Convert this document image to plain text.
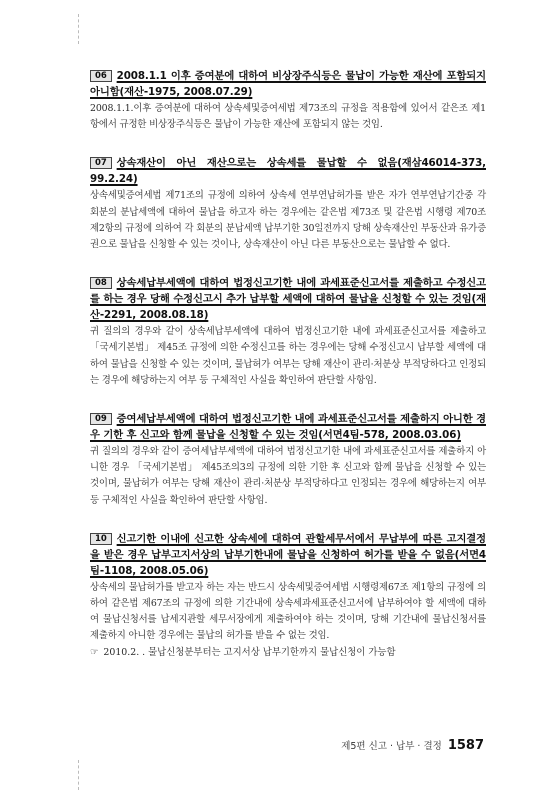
06 2008.1.1 이후 증여분에 대하여 비상장주식등은 물납이 가능한 재산에 포함되지 아니함(재산-1975, 2008.07.29)
2008.1.1.이후 증여분에 대하여 상속세및증여세법 제73조의 규정을 적용함에 있어서 같은조 제1항에서 규정한 비상장주식등은 물납이 가능한 재산에 포함되지 않는 것임.
07 상속재산이 아닌 재산으로는 상속세를 물납할 수 없음(재삼46014-373, 99.2.24)
상속세및증여세법 제71조의 규정에 의하여 상속세 연부연납허가를 받은 자가 연부연납기간중 각 회분의 분납세액에 대하여 물납을 하고자 하는 경우에는 같은법 제73조 및 같은법 시행령 제70조 제2항의 규정에 의하여 각 회분의 분납세액 납부기한 30일전까지 당해 상속재산인 부동산과 유가증권으로 물납을 신청할 수 있는 것이나, 상속재산이 아닌 다른 부동산으로는 물납할 수 없다.
08 상속세납부세액에 대하여 법정신고기한 내에 과세표준신고서를 제출하고 수정신고를 하는 경우 당해 수정신고시 추가 납부할 세액에 대하여 물납을 신청할 수 있는 것임(재산-2291, 2008.08.18)
귀 질의의 경우와 같이 상속세납부세액에 대하여 법정신고기한 내에 과세표준신고서를 제출하고 「국세기본법」 제45조 규정에 의한 수정신고를 하는 경우에는 당해 수정신고시 납부할 세액에 대하여 물납을 신청할 수 있는 것이며, 물납허가 여부는 당해 재산이 관리·처분상 부적당하다고 인정되는 경우에 해당하는지 여부 등 구체적인 사실을 확인하여 판단할 사항임.
09 증여세납부세액에 대하여 법정신고기한 내에 과세표준신고서를 제출하지 아니한 경우 기한 후 신고와 함께 물납을 신청할 수 있는 것임(서면4팀-578, 2008.03.06)
귀 질의의 경우와 같이 증여세납부세액에 대하여 법정신고기한 내에 과세표준신고서를 제출하지 아니한 경우 「국세기본법」 제45조의3의 규정에 의한 기한 후 신고와 함께 물납을 신청할 수 있는 것이며, 물납허가 여부는 당해 재산이 관리·처분상 부적당하다고 인정되는 경우에 해당하는지 여부 등 구체적인 사실을 확인하여 판단할 사항임.
10 신고기한 이내에 신고한 상속세에 대하여 관할세무서에서 무납부에 따른 고지결정을 받은 경우 납부고지서상의 납부기한내에 물납을 신청하여 허가를 받을 수 없음(서면4팀-1108, 2008.05.06)
상속세의 물납허가를 받고자 하는 자는 반드시 상속세및증여세법 시행령제67조 제1항의 규정에 의하여 같은법 제67조의 규정에 의한 기간내에 상속세과세표준신고서에 납부하여야 할 세액에 대하여 물납신청서를 납세지관할 세무서장에게 제출하여야 하는 것이며, 당해 기간내에 물납신청서를 제출하지 아니한 경우에는 물납의 허가를 받을 수 없는 것임.
☞ 2010.2. . 물납신청분부터는 고지서상 납부기한까지 물납신청이 가능함
제5편 신고 · 납부 · 결정 1587
